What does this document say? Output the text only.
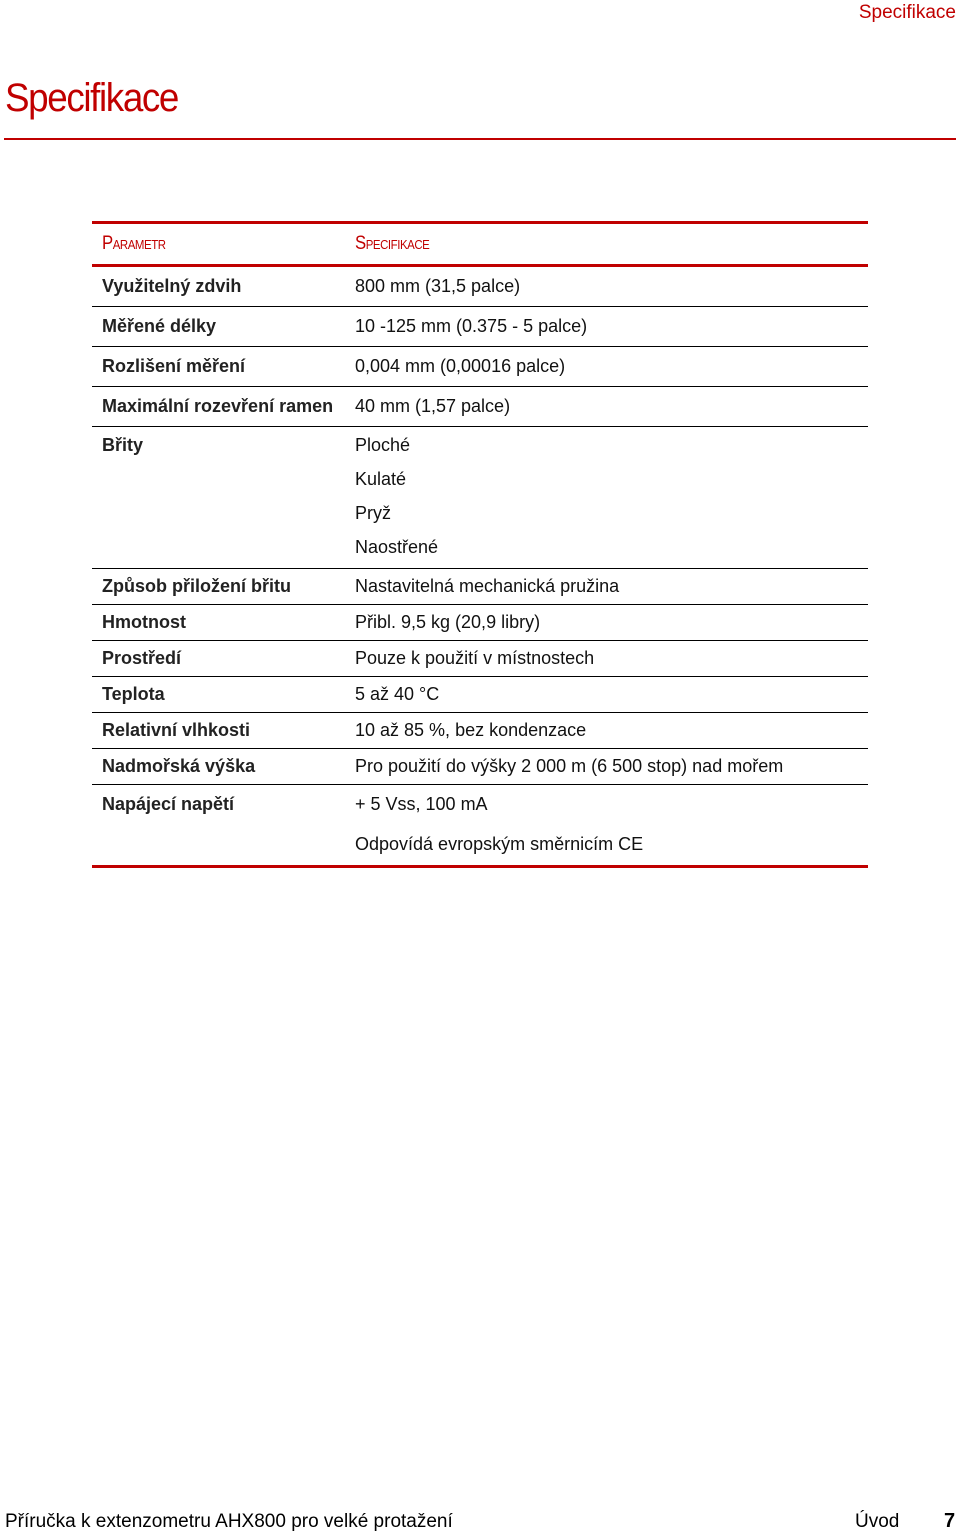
Specifikace
Specifikace
Parametr	Specifikace
Využitelný zdvih	800 mm (31,5 palce)
Měřené délky	10 -125 mm (0.375 - 5 palce)
Rozlišení měření	0,004 mm (0,00016 palce)
Maximální rozevření ramen	40 mm (1,57 palce)
Břity	Ploché
Kulaté
Pryž
Naostřené
Způsob přiložení břitu	Nastavitelná mechanická pružina
Hmotnost	Přibl. 9,5 kg (20,9 libry)
Prostředí	Pouze k použití v místnostech
Teplota	5 až 40 °C
Relativní vlhkosti	10 až 85 %, bez kondenzace
Nadmořská výška	Pro použití do výšky 2 000 m (6 500 stop) nad mořem
Napájecí napětí	+ 5 Vss, 100 mA
Odpovídá evropským směrnicím CE
Příručka k extenzometru AHX800 pro velké protažení	Úvod 7
